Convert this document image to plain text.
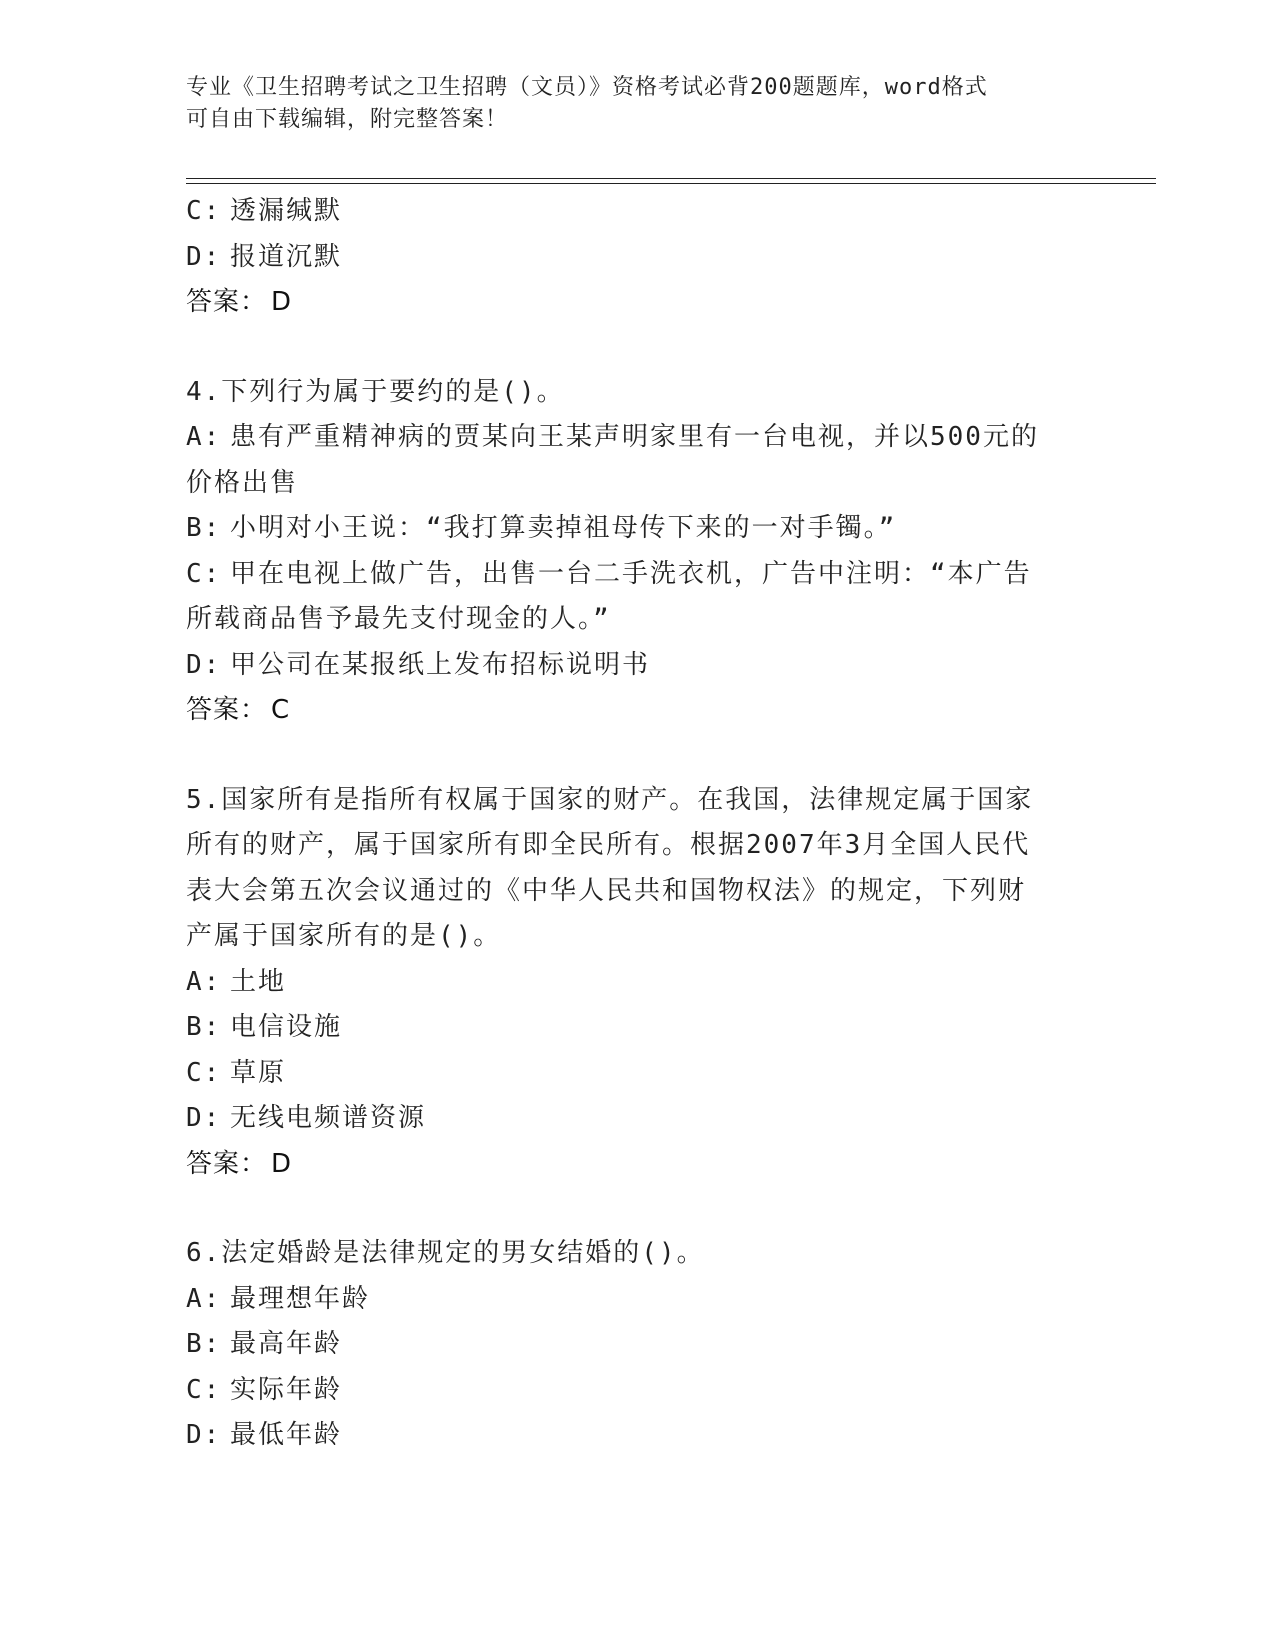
专业《卫生招聘考试之卫生招聘（文员）》资格考试必背200题题库，word格式
可自由下载编辑，附完整答案！
C: 透漏缄默
D: 报道沉默
答案： D
4.下列行为属于要约的是()。
A: 患有严重精神病的贾某向王某声明家里有一台电视，并以500元的
价格出售
B: 小明对小王说：“我打算卖掉祖母传下来的一对手镯。”
C: 甲在电视上做广告，出售一台二手洗衣机，广告中注明：“本广告
所载商品售予最先支付现金的人。”
D: 甲公司在某报纸上发布招标说明书
答案： C
5.国家所有是指所有权属于国家的财产。在我国，法律规定属于国家
所有的财产，属于国家所有即全民所有。根据2007年3月全国人民代
表大会第五次会议通过的《中华人民共和国物权法》的规定，下列财
产属于国家所有的是()。
A: 土地
B: 电信设施
C: 草原
D: 无线电频谱资源
答案： D
6.法定婚龄是法律规定的男女结婚的()。
A: 最理想年龄
B: 最高年龄
C: 实际年龄
D: 最低年龄
